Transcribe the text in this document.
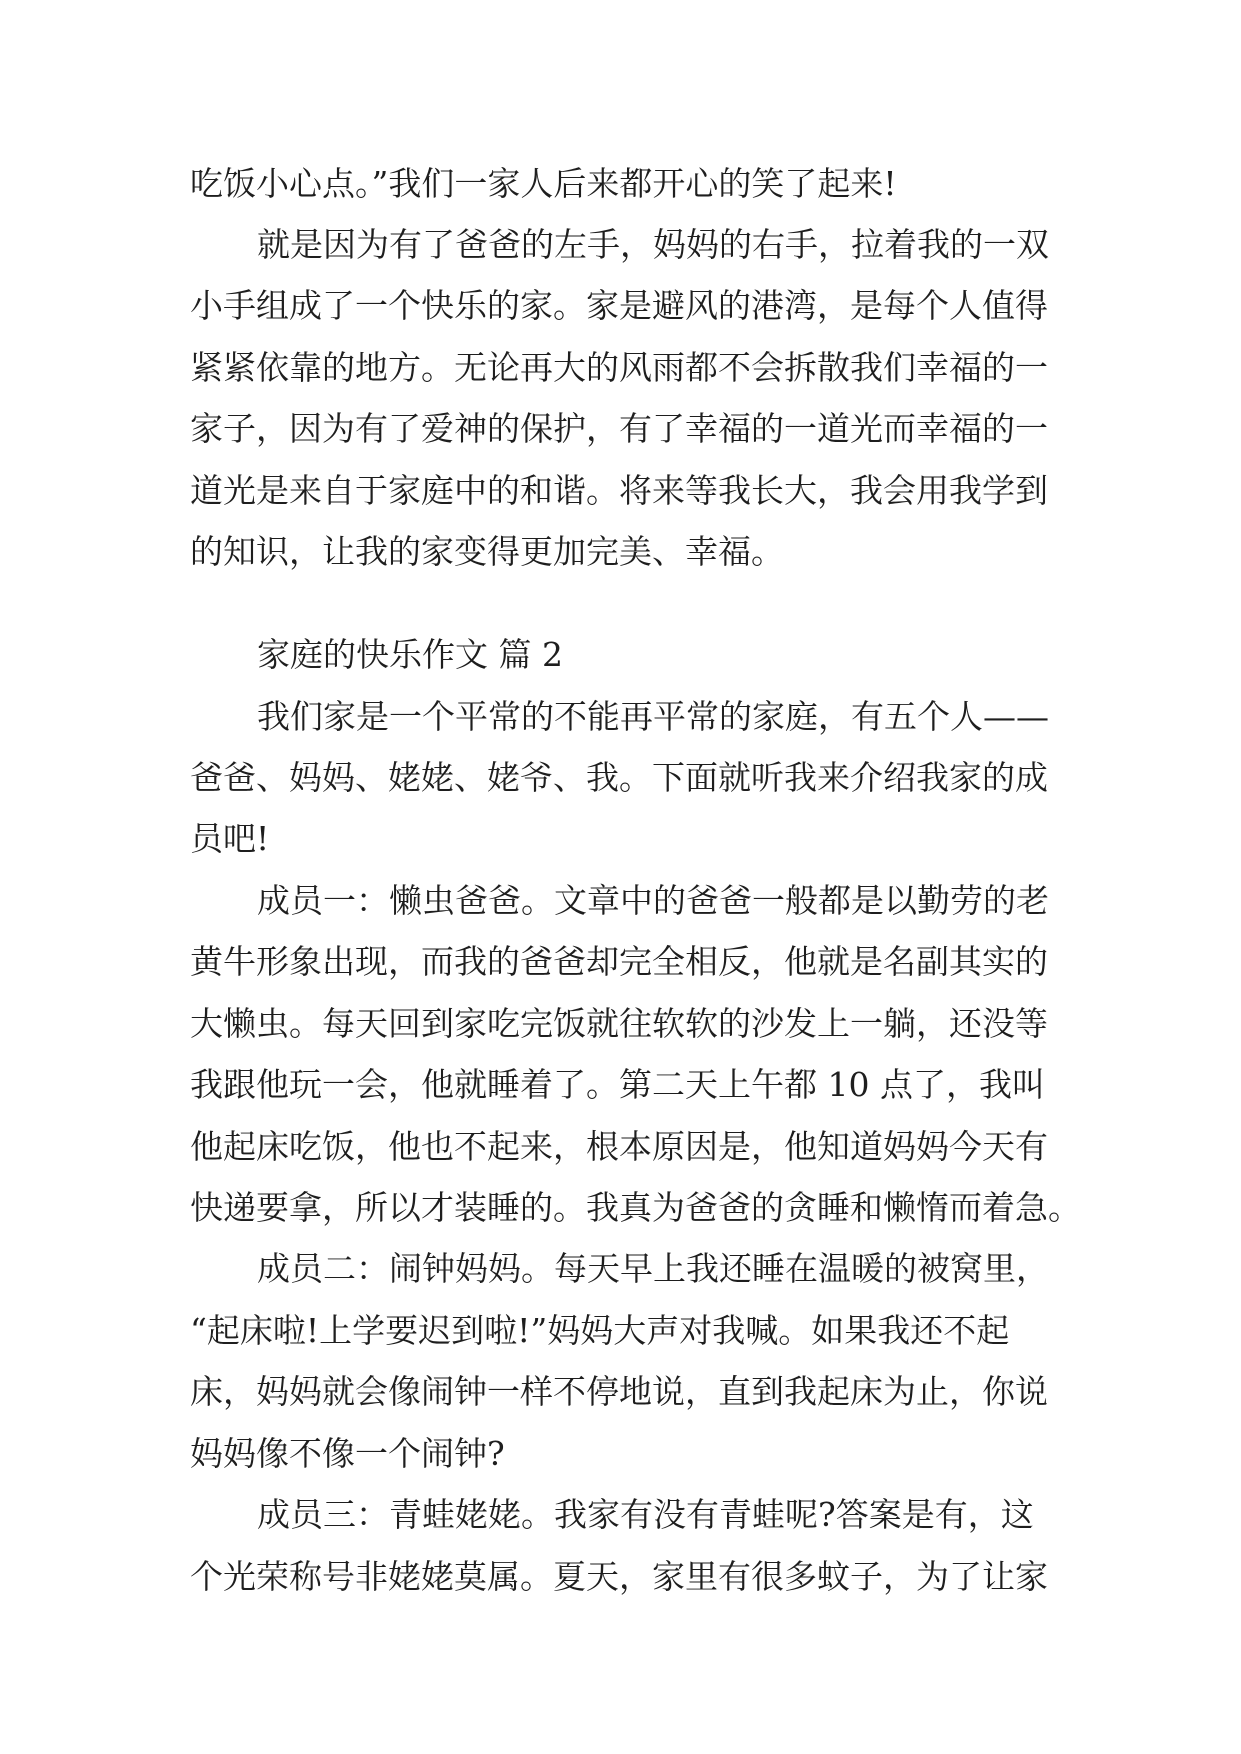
吃饭小心点。”我们一家人后来都开心的笑了起来!
就是因为有了爸爸的左手，妈妈的右手，拉着我的一双
小手组成了一个快乐的家。家是避风的港湾，是每个人值得
紧紧依靠的地方。无论再大的风雨都不会拆散我们幸福的一
家子，因为有了爱神的保护，有了幸福的一道光而幸福的一
道光是来自于家庭中的和谐。将来等我长大，我会用我学到
的知识，让我的家变得更加完美、幸福。
家庭的快乐作文 篇 2
我们家是一个平常的不能再平常的家庭，有五个人——
爸爸、妈妈、姥姥、姥爷、我。下面就听我来介绍我家的成
员吧!
成员一：懒虫爸爸。文章中的爸爸一般都是以勤劳的老
黄牛形象出现，而我的爸爸却完全相反，他就是名副其实的
大懒虫。每天回到家吃完饭就往软软的沙发上一躺，还没等
我跟他玩一会，他就睡着了。第二天上午都 10 点了，我叫
他起床吃饭，他也不起来，根本原因是，他知道妈妈今天有
快递要拿，所以才装睡的。我真为爸爸的贪睡和懒惰而着急。
成员二：闹钟妈妈。每天早上我还睡在温暖的被窝里，
“起床啦!上学要迟到啦!”妈妈大声对我喊。如果我还不起
床，妈妈就会像闹钟一样不停地说，直到我起床为止，你说
妈妈像不像一个闹钟?
成员三：青蛙姥姥。我家有没有青蛙呢?答案是有，这
个光荣称号非姥姥莫属。夏天，家里有很多蚊子，为了让家
